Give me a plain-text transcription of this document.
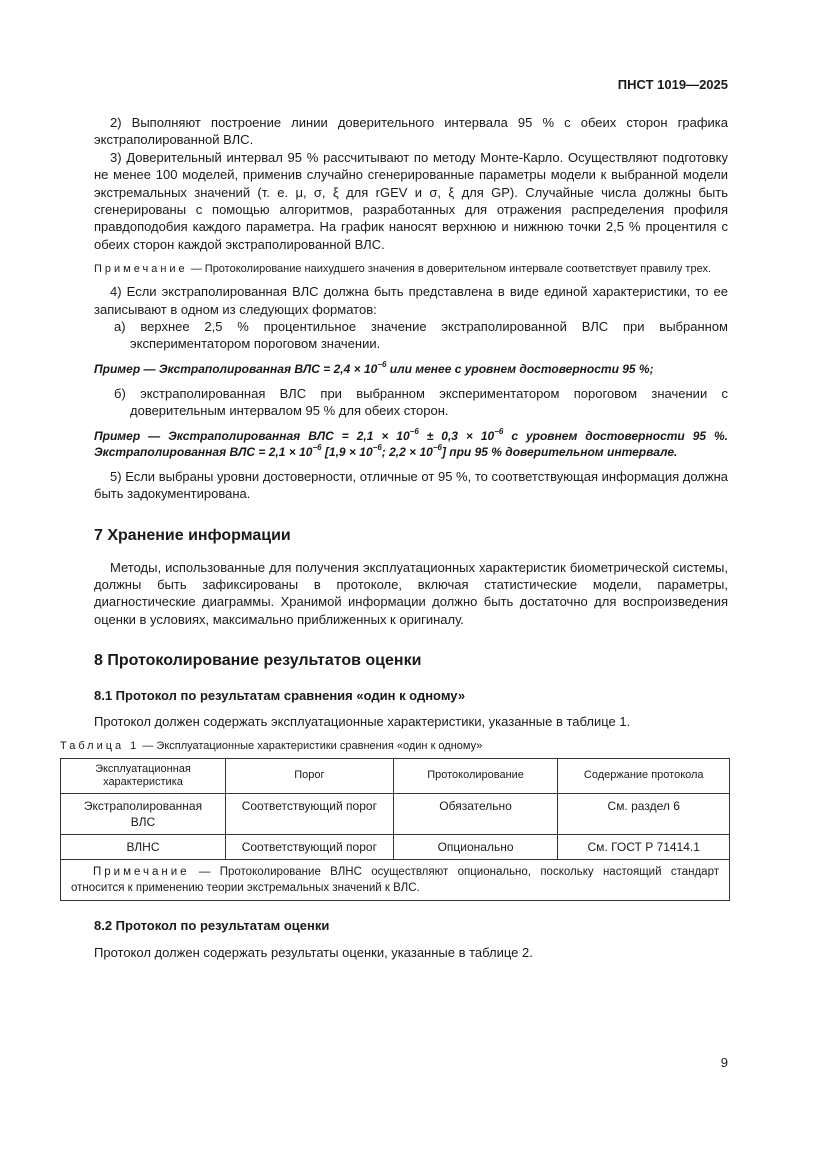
ПНСТ 1019—2025

2) Выполняют построение линии доверительного интервала 95 % с обеих сторон графика экстраполированной ВЛС.

3) Доверительный интервал 95 % рассчитывают по методу Монте-Карло. Осуществляют подготовку не менее 100 моделей, применив случайно сгенерированные параметры модели к выбранной модели экстремальных значений (т. е. μ, σ, ξ для rGEV и σ, ξ для GP). Случайные числа должны быть сгенерированы с помощью алгоритмов, разработанных для отражения распределения профиля правдоподобия каждого параметра. На график наносят верхнюю и нижнюю точки 2,5 % процентиля с обеих сторон каждой экстраполированной ВЛС.

Примечание — Протоколирование наихудшего значения в доверительном интервале соответствует правилу трех.

4) Если экстраполированная ВЛС должна быть представлена в виде единой характеристики, то ее записывают в одном из следующих форматов:

а) верхнее 2,5 % процентильное значение экстраполированной ВЛС при выбранном экспериментатором пороговом значении.

Пример — Экстраполированная ВЛС = $2,4 \times 10^{-6}$ или менее с уровнем достоверности 95 %;

б) экстраполированная ВЛС при выбранном экспериментатором пороговом значении с доверительным интервалом 95 % для обеих сторон.

Пример — Экстраполированная ВЛС = $2,1 \times 10^{-6} \pm 0,3 \times 10^{-6}$ с уровнем достоверности 95 %. Экстраполированная ВЛС = $2,1 \times 10^{-6}$ [$1,9 \times 10^{-6}$; $2,2 \times 10^{-6}$] при 95 % доверительном интервале.

5) Если выбраны уровни достоверности, отличные от 95 %, то соответствующая информация должна быть задокументирована.

7 Хранение информации

Методы, использованные для получения эксплуатационных характеристик биометрической системы, должны быть зафиксированы в протоколе, включая статистические модели, параметры, диагностические диаграммы. Хранимой информации должно быть достаточно для воспроизведения оценки в условиях, максимально приближенных к оригиналу.

8 Протоколирование результатов оценки
8.1 Протокол по результатам сравнения «один к одному»

Протокол должен содержать эксплуатационные характеристики, указанные в таблице 1.

Таблица 1 — Эксплуатационные характеристики сравнения «один к одному»
Эксплуатационная характеристика	Порог	Протоколирование	Содержание протокола
Экстраполированная ВЛС	Соответствующий порог	Обязательно	См. раздел 6
ВЛНС	Соответствующий порог	Опционально	См. ГОСТ Р 71414.1
Примечание — Протоколирование ВЛНС осуществляют опционально, поскольку настоящий стандарт относится к применению теории экстремальных значений к ВЛС.			
8.2 Протокол по результатам оценки

Протокол должен содержать результаты оценки, указанные в таблице 2.

9
